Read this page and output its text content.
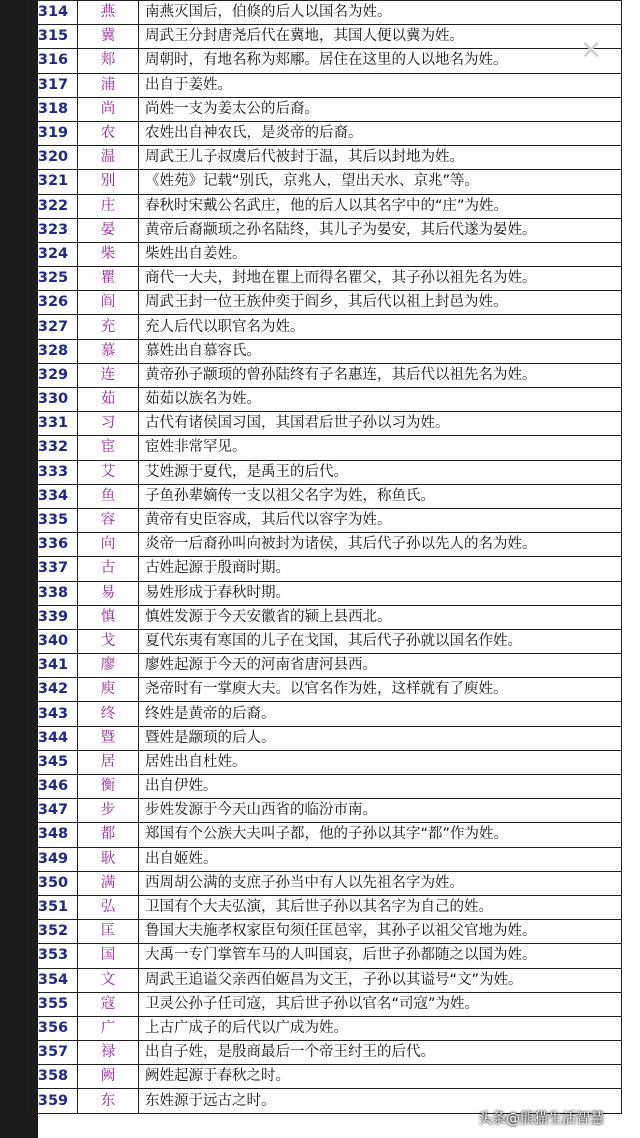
314	燕	南燕灭国后，伯倏的后人以国名为姓。
315	冀	周武王分封唐尧后代在冀地，其国人便以冀为姓。
316	郏	周朝时，有地名称为郏鄏。居住在这里的人以地名为姓。
317	浦	出自于姜姓。
318	尚	尚姓一支为姜太公的后裔。
319	农	农姓出自神农氏，是炎帝的后裔。
320	温	周武王儿子叔虞后代被封于温，其后以封地为姓。
321	别	《姓苑》记载“别氏，京兆人，望出天水、京兆”等。
322	庄	春秋时宋戴公名武庄，他的后人以其名字中的“庄”为姓。
323	晏	黄帝后裔颛顼之孙名陆终，其儿子为晏安，其后代遂为晏姓。
324	柴	柴姓出自姜姓。
325	瞿	商代一大夫，封地在瞿上而得名瞿父，其子孙以祖先名为姓。
326	阎	周武王封一位王族仲奕于阎乡，其后代以祖上封邑为姓。
327	充	充人后代以职官名为姓。
328	慕	慕姓出自慕容氏。
329	连	黄帝孙子颛顼的曾孙陆终有子名惠连，其后代以祖先名为姓。
330	茹	茹茹以族名为姓。
331	习	古代有诸侯国习国，其国君后世子孙以习为姓。
332	宦	宦姓非常罕见。
333	艾	艾姓源于夏代，是禹王的后代。
334	鱼	子鱼孙辈嫡传一支以祖父名字为姓，称鱼氏。
335	容	黄帝有史臣容成，其后代以容字为姓。
336	向	炎帝一后裔孙叫向被封为诸侯，其后代子孙以先人的名为姓。
337	古	古姓起源于殷商时期。
338	易	易姓形成于春秋时期。
339	慎	慎姓发源于今天安徽省的颍上县西北。
340	戈	夏代东夷有寒国的儿子在戈国，其后代子孙就以国名作姓。
341	廖	廖姓起源于今天的河南省唐河县西。
342	庾	尧帝时有一掌庾大夫。以官名作为姓，这样就有了庾姓。
343	终	终姓是黄帝的后裔。
344	暨	暨姓是颛顼的后人。
345	居	居姓出自杜姓。
346	衡	出自伊姓。
347	步	步姓发源于今天山西省的临汾市南。
348	都	郑国有个公族大夫叫子都，他的子孙以其字“都”作为姓。
349	耿	出自姬姓。
350	满	西周胡公满的支庶子孙当中有人以先祖名字为姓。
351	弘	卫国有个大夫弘演，其后世子孙以其名字为自己的姓。
352	匡	鲁国大夫施孝权家臣句须任匡邑宰，其孙子以祖父官地为姓。
353	国	大禹一专门掌管车马的人叫国哀，后世子孙都随之以国为姓。
354	文	周武王追谥父亲西伯姬昌为文王，子孙以其谥号“文”为姓。
355	寇	卫灵公孙子任司寇，其后世子孙以官名“司寇”为姓。
356	广	上古广成子的后代以广成为姓。
357	禄	出自子姓，是殷商最后一个帝王纣王的后代。
358	阙	阙姓起源于春秋之时。
359	东	东姓源于远古之时。
✕
头条@熊猫生活智慧
